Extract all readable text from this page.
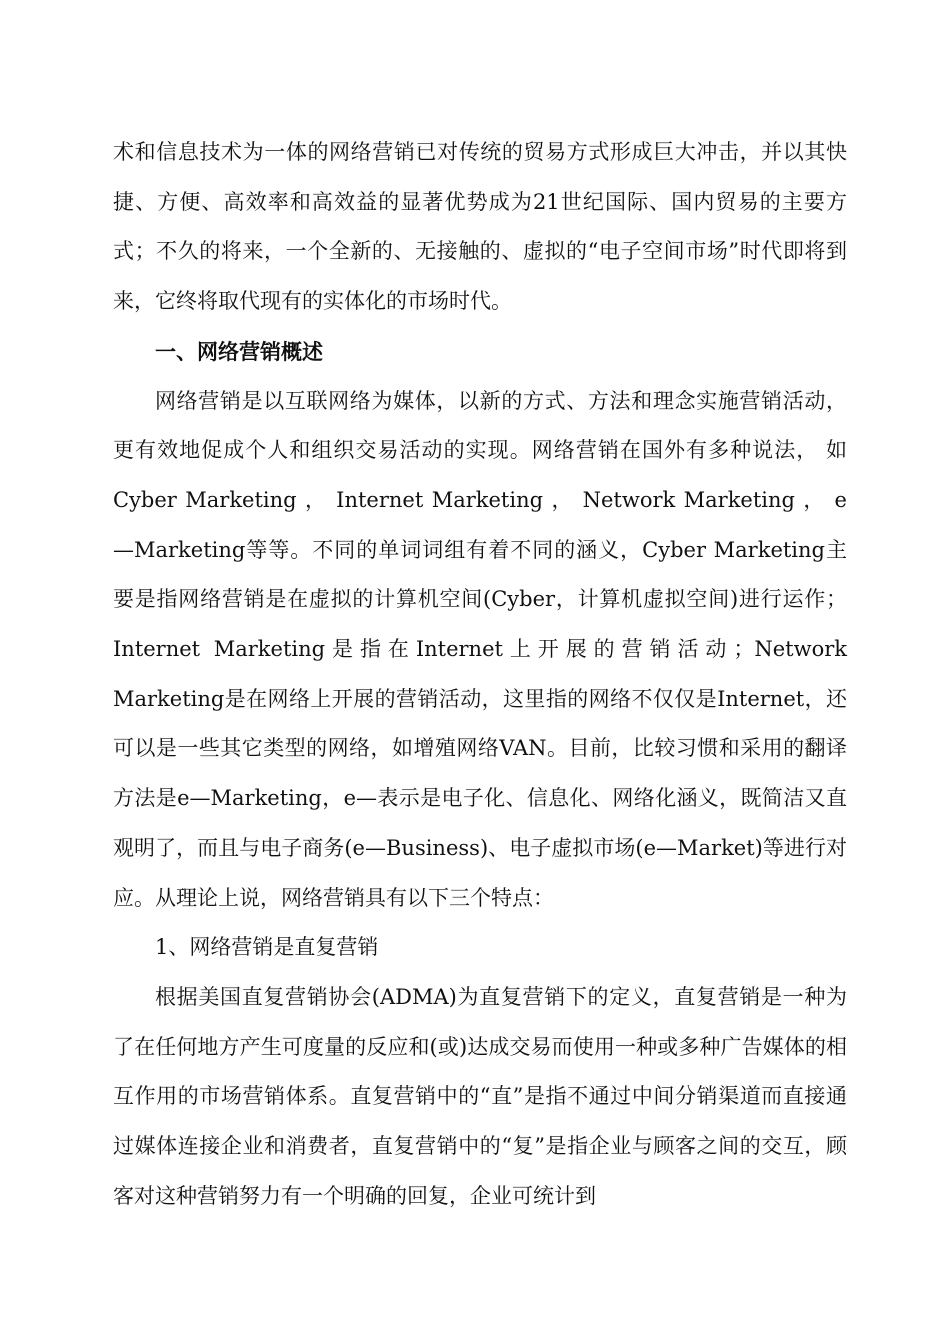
术和信息技术为一体的网络营销已对传统的贸易方式形成巨大冲击，并以其快捷、方便、高效率和高效益的显著优势成为21世纪国际、国内贸易的主要方式；不久的将来，一个全新的、无接触的、虚拟的“电子空间市场”时代即将到来，它终将取代现有的实体化的市场时代。

一、网络营销概述

网络营销是以互联网络为媒体，以新的方式、方法和理念实施营销活动，更有效地促成个人和组织交易活动的实现。网络营销在国外有多种说法， 如 Cyber Marketing ， Internet Marketing ， Network Marketing ， e—Marketing等等。不同的单词词组有着不同的涵义，Cyber Marketing主要是指网络营销是在虚拟的计算机空间(Cyber，计算机虚拟空间)进行运作；Internet Marketing是指在Internet上开展的营销活动；Network Marketing是在网络上开展的营销活动，这里指的网络不仅仅是Internet，还可以是一些其它类型的网络，如增殖网络VAN。目前，比较习惯和采用的翻译方法是e—Marketing，e—表示是电子化、信息化、网络化涵义，既简洁又直观明了，而且与电子商务(e—Business)、电子虚拟市场(e—Market)等进行对应。从理论上说，网络营销具有以下三个特点：

1、网络营销是直复营销

根据美国直复营销协会(ADMA)为直复营销下的定义，直复营销是一种为了在任何地方产生可度量的反应和(或)达成交易而使用一种或多种广告媒体的相互作用的市场营销体系。直复营销中的“直”是指不通过中间分销渠道而直接通过媒体连接企业和消费者，直复营销中的“复”是指企业与顾客之间的交互，顾客对这种营销努力有一个明确的回复，企业可统计到
